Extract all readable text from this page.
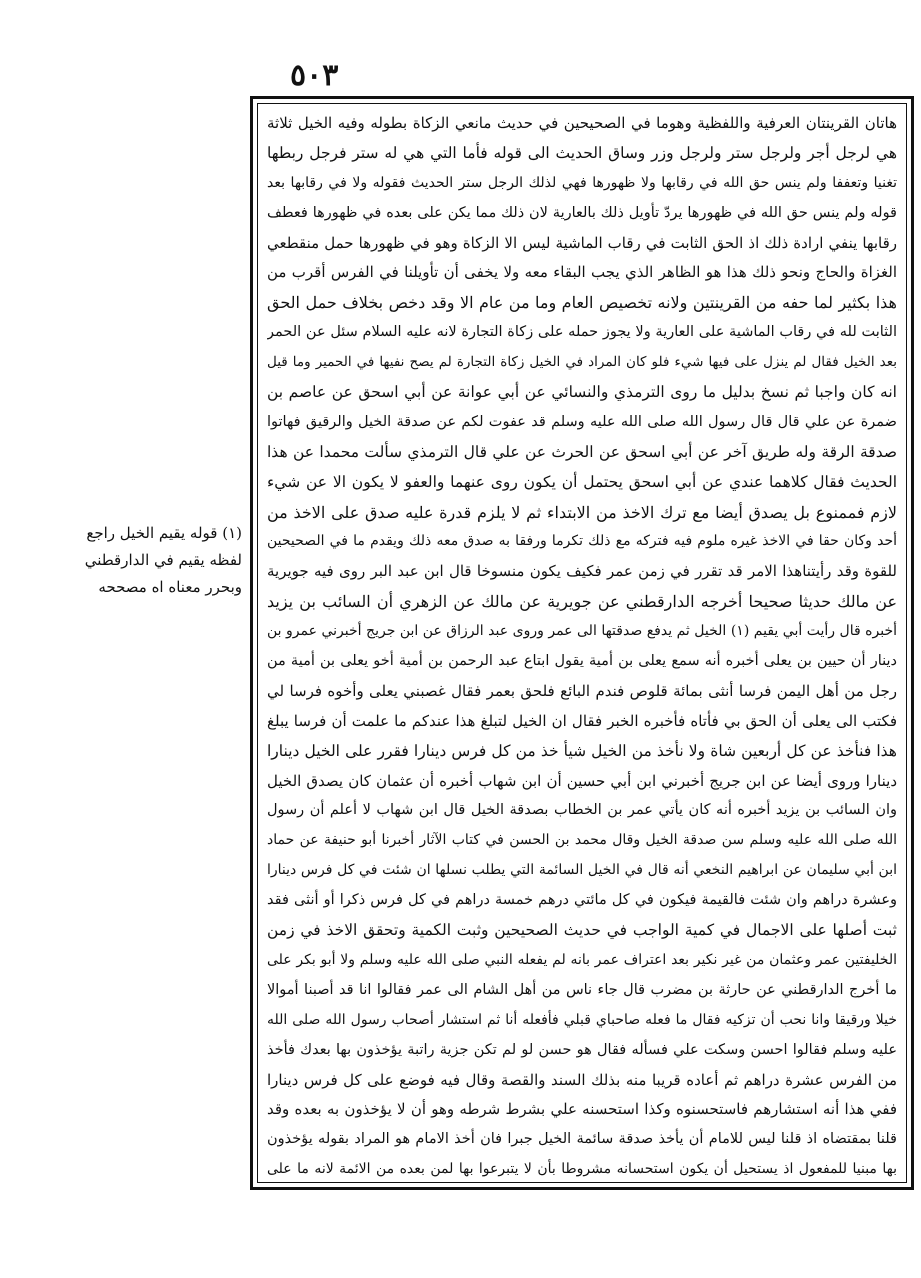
٥٠٣
(١) قوله يقيم الخيل راجع
لفظه يقيم في الدارقطني
وبحرر معناه اه مصححه
هاتان القرينتان العرفية واللفظية وهوما في الصحيحين في حديث مانعي الزكاة بطوله وفيه الخيل ثلاثة
هي لرجل أجر ولرجل ستر ولرجل وزر وساق الحديث الى قوله فأما التي هي له ستر فرجل ربطها
تغنيا وتعففا ولم ينس حق الله في رقابها ولا ظهورها فهي لذلك الرجل ستر الحديث فقوله ولا في رقابها بعد
قوله ولم ينس حق الله في ظهورها يردّ تأويل ذلك بالعارية لان ذلك مما يكن على بعده في ظهورها فعطف
رقابها ينفي ارادة ذلك اذ الحق الثابت في رقاب الماشية ليس الا الزكاة وهو في ظهورها حمل منقطعي
الغزاة والحاج ونحو ذلك هذا هو الظاهر الذي يجب البقاء معه ولا يخفى أن تأويلنا في الفرس أقرب من
هذا بكثير لما حفه من القرينتين ولانه تخصيص العام وما من عام الا وقد دخص بخلاف حمل الحق
الثابت لله في رقاب الماشية على العارية ولا يجوز حمله على زكاة التجارة لانه عليه السلام سئل عن الحمر
بعد الخيل فقال لم ينزل على فيها شيء فلو كان المراد في الخيل زكاة التجارة لم يصح نفيها في الحمير وما قيل
انه كان واجبا ثم نسخ بدليل ما روى الترمذي والنسائي عن أبي عوانة عن أبي اسحق عن عاصم بن
ضمرة عن علي قال قال رسول الله صلى الله عليه وسلم قد عفوت لكم عن صدقة الخيل والرقيق فهاتوا
صدقة الرقة وله طريق آخر عن أبي اسحق عن الحرث عن علي قال الترمذي سألت محمدا عن هذا
الحديث فقال كلاهما عندي عن أبي اسحق يحتمل أن يكون روى عنهما والعفو لا يكون الا عن شيء
لازم فممنوع بل يصدق أيضا مع ترك الاخذ من الابتداء ثم لا يلزم قدرة عليه صدق على الاخذ من
أحد وكان حقا في الاخذ غيره ملوم فيه فتركه مع ذلك تكرما ورفقا به صدق معه ذلك ويقدم ما في الصحيحين
للقوة وقد رأيتناهذا الامر قد تقرر في زمن عمر فكيف يكون منسوخا قال ابن عبد البر روى فيه جويرية
عن مالك حديثا صحيحا أخرجه الدارقطني عن جويرية عن مالك عن الزهري أن السائب بن يزيد
أخبره قال رأيت أبي يقيم (١) الخيل ثم يدفع صدقتها الى عمر وروى عبد الرزاق عن ابن جريج أخبرني عمرو بن
دينار أن حيين بن يعلى أخبره أنه سمع يعلى بن أمية يقول ابتاع عبد الرحمن بن أمية أخو يعلى بن أمية من
رجل من أهل اليمن فرسا أنثى بمائة قلوص فندم البائع فلحق بعمر فقال غصبني يعلى وأخوه فرسا لي
فكتب الى يعلى أن الحق بي فأتاه فأخبره الخبر فقال ان الخيل لتبلغ هذا عندكم ما علمت أن فرسا يبلغ
هذا فنأخذ عن كل أربعين شاة ولا نأخذ من الخيل شيأ خذ من كل فرس دينارا فقرر على الخيل دينارا
دينارا وروى أيضا عن ابن جريج أخبرني ابن أبي حسين أن ابن شهاب أخبره أن عثمان كان يصدق الخيل
وان السائب بن يزيد أخبره أنه كان يأتي عمر بن الخطاب بصدقة الخيل قال ابن شهاب لا أعلم أن رسول
الله صلى الله عليه وسلم سن صدقة الخيل وقال محمد بن الحسن في كتاب الآثار أخبرنا أبو حنيفة عن حماد
ابن أبي سليمان عن ابراهيم النخعي أنه قال في الخيل السائمة التي يطلب نسلها ان شئت في كل فرس دينارا
وعشرة دراهم وان شئت فالقيمة فيكون في كل مائتي درهم خمسة دراهم في كل فرس ذكرا أو أنثى فقد
ثبت أصلها على الاجمال في كمية الواجب في حديث الصحيحين وثبت الكمية وتحقق الاخذ في زمن
الخليفتين عمر وعثمان من غير نكير بعد اعتراف عمر بانه لم يفعله النبي صلى الله عليه وسلم ولا أبو بكر على
ما أخرج الدارقطني عن حارثة بن مضرب قال جاء ناس من أهل الشام الى عمر فقالوا انا قد أصبنا أموالا
خيلا ورقيقا وانا نحب أن تزكيه فقال ما فعله صاحباي قبلي فأفعله أنا ثم استشار أصحاب رسول الله صلى الله
عليه وسلم فقالوا احسن وسكت علي فسأله فقال هو حسن لو لم تكن جزية راتبة يؤخذون بها بعدك فأخذ
من الفرس عشرة دراهم ثم أعاده قريبا منه بذلك السند والقصة وقال فيه فوضع على كل فرس دينارا
ففي هذا أنه استشارهم فاستحسنوه وكذا استحسنه علي بشرط شرطه وهو أن لا يؤخذون به بعده وقد
قلنا بمقتضاه اذ قلنا ليس للامام أن يأخذ صدقة سائمة الخيل جبرا فان أخذ الامام هو المراد بقوله يؤخذون
بها مبنيا للمفعول اذ يستحيل أن يكون استحسانه مشروطا بأن لا يتبرعوا بها لمن بعده من الائمة لانه ما على
